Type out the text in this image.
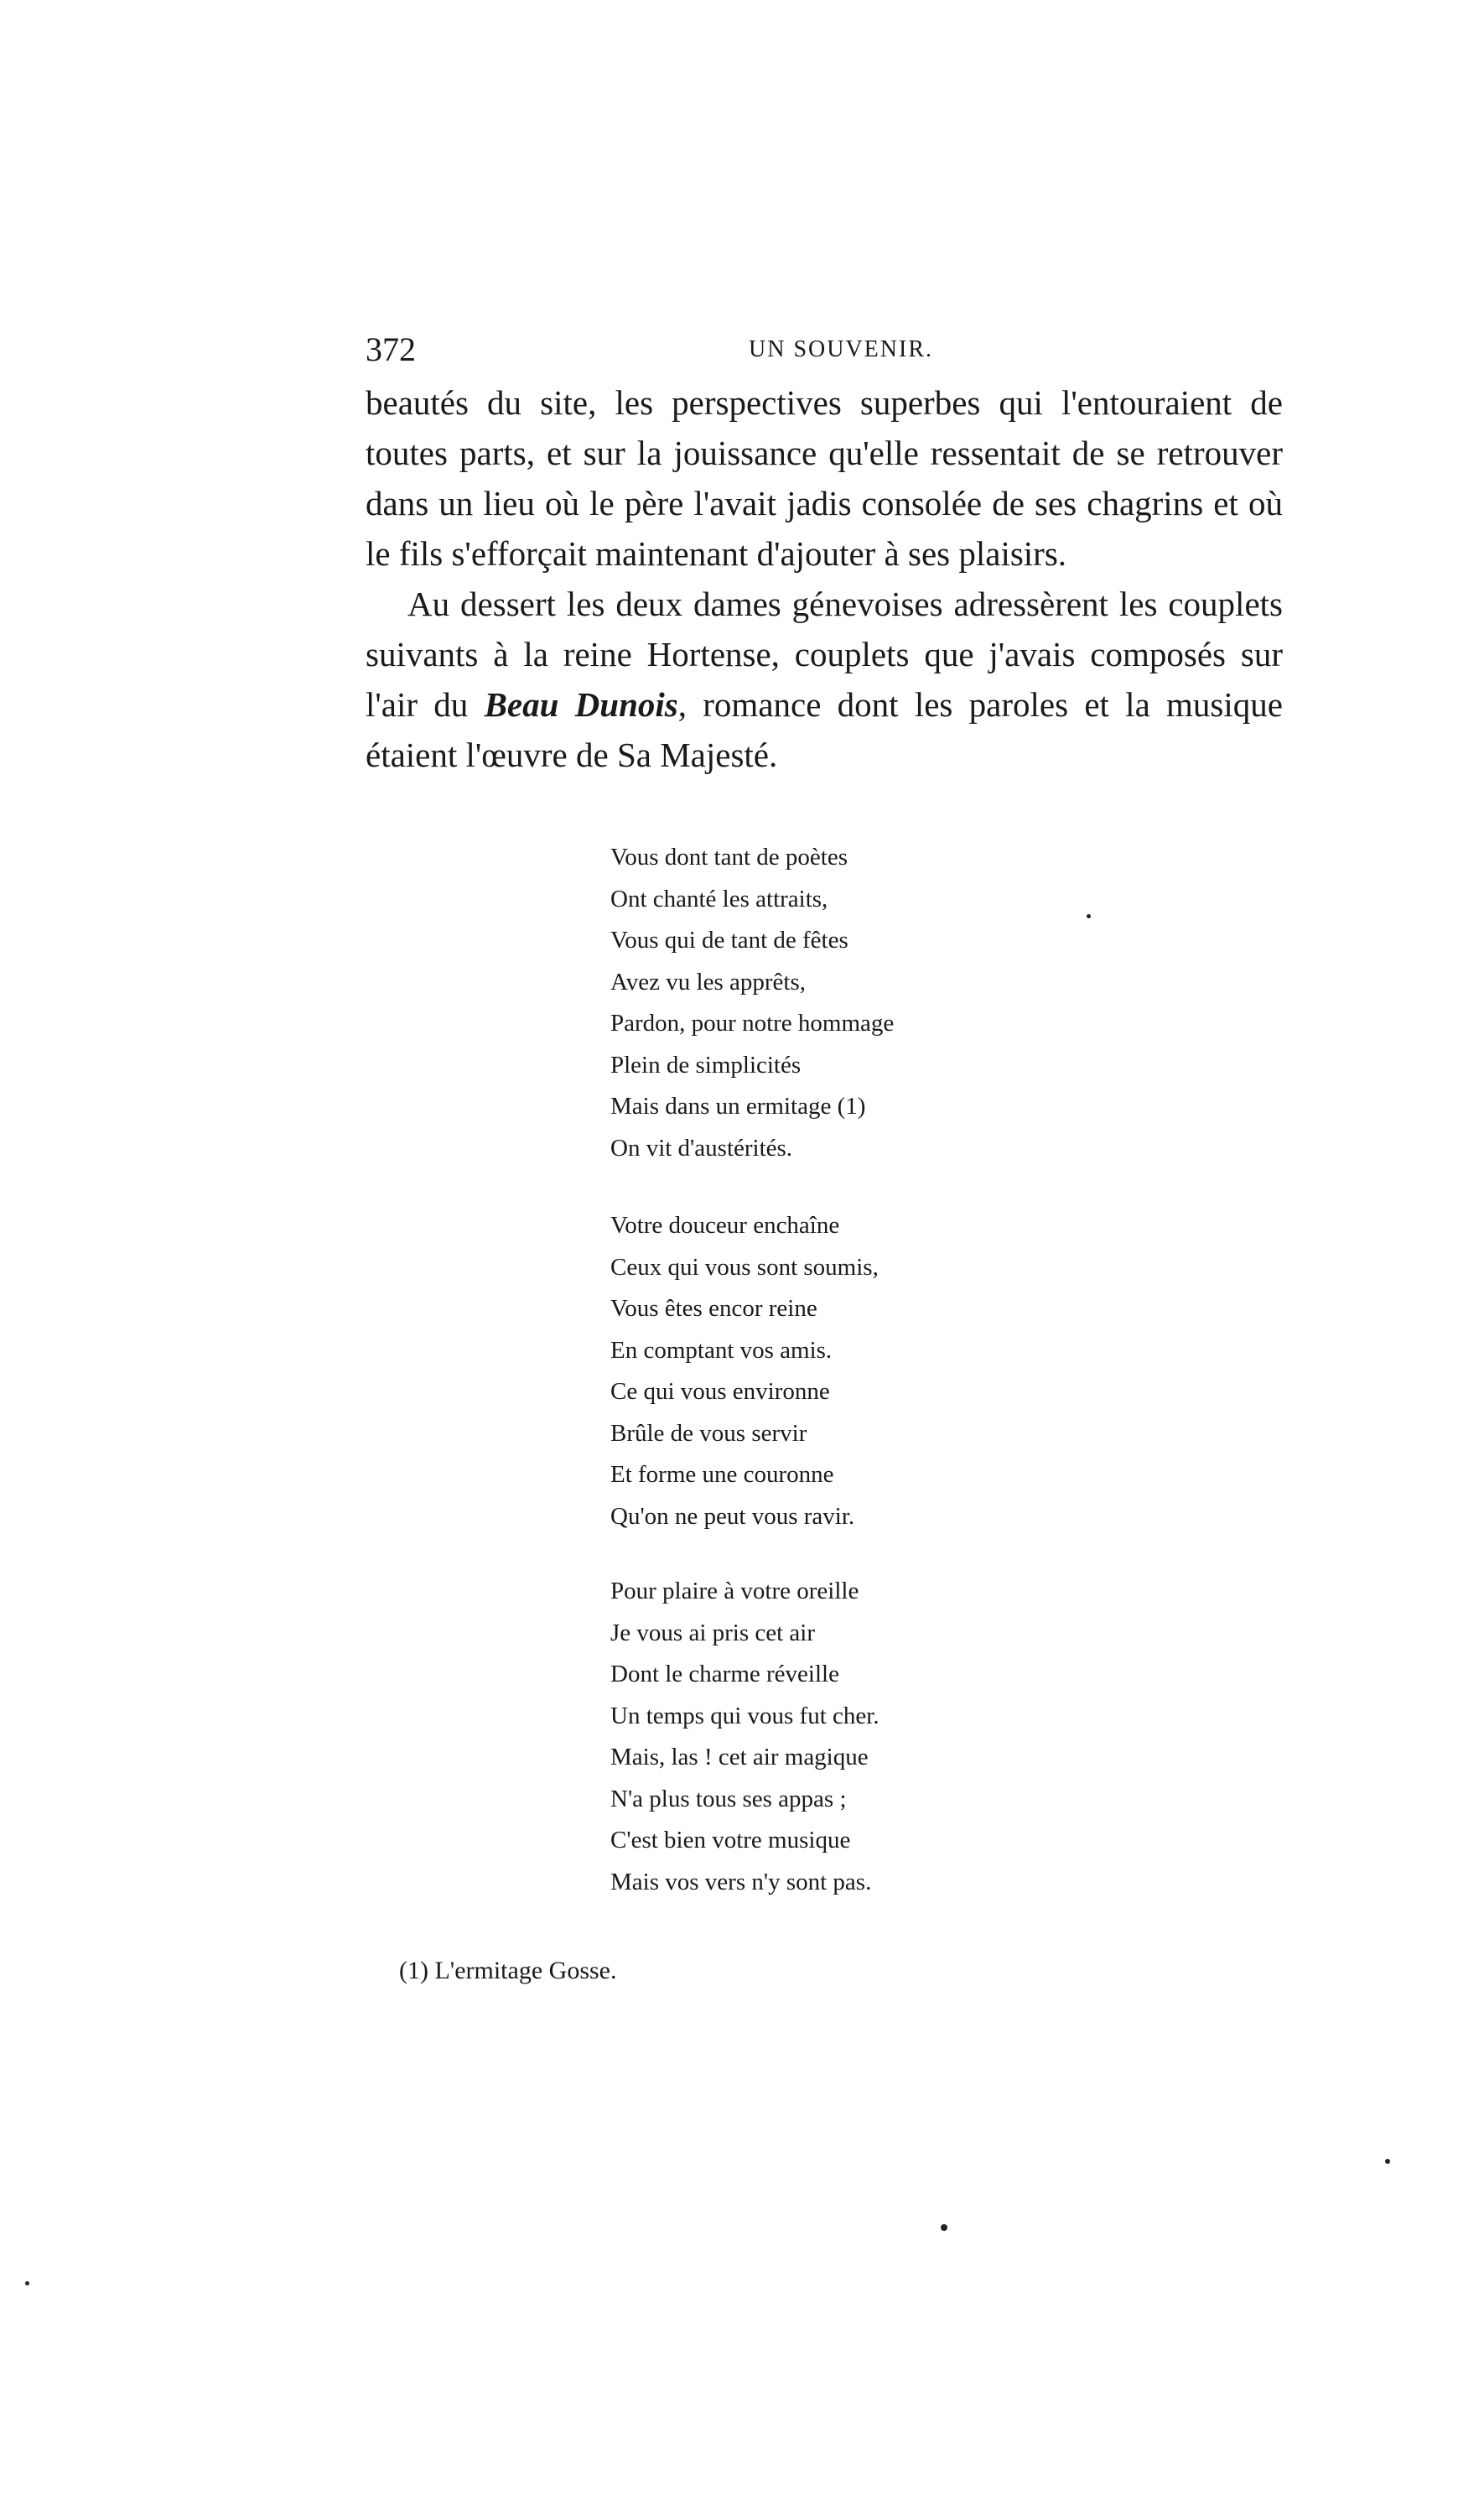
372	UN SOUVENIR.

beautés du site, les perspectives superbes qui l'entouraient de toutes parts, et sur la jouissance qu'elle ressentait de se retrouver dans un lieu où le père l'avait jadis consolée de ses chagrins et où le fils s'efforçait maintenant d'ajouter à ses plaisirs.

Au dessert les deux dames génevoises adressèrent les couplets suivants à la reine Hortense, couplets que j'avais composés sur l'air du Beau Dunois, romance dont les paroles et la musique étaient l'œuvre de Sa Majesté.

Vous dont tant de poètes
Ont chanté les attraits,
Vous qui de tant de fêtes
Avez vu les apprêts,
Pardon, pour notre hommage
Plein de simplicités
Mais dans un ermitage (1)
On vit d'austérités.
Votre douceur enchaîne
Ceux qui vous sont soumis,
Vous êtes encor reine
En comptant vos amis.
Ce qui vous environne
Brûle de vous servir
Et forme une couronne
Qu'on ne peut vous ravir.
Pour plaire à votre oreille
Je vous ai pris cet air
Dont le charme réveille
Un temps qui vous fut cher.
Mais, las ! cet air magique
N'a plus tous ses appas ;
C'est bien votre musique
Mais vos vers n'y sont pas.
(1) L'ermitage Gosse.
